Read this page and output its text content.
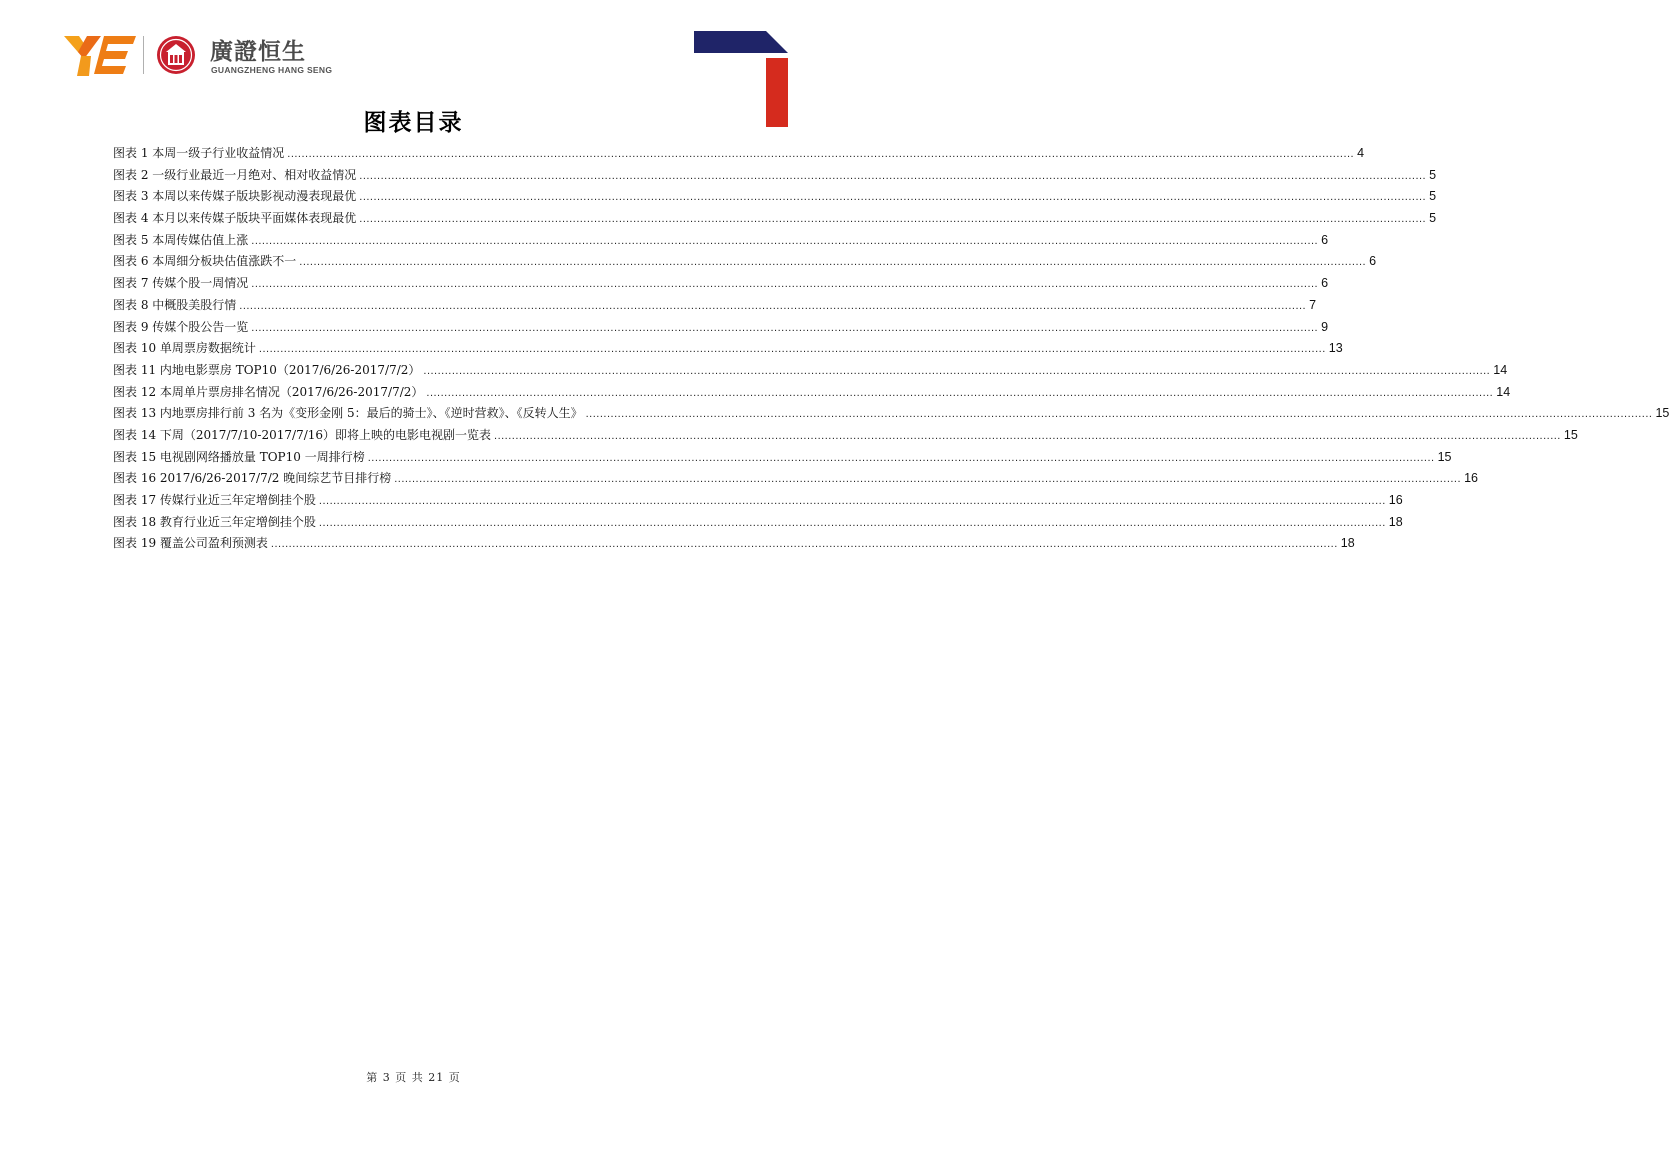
廣證恒生
GUANGZHENG HANG SENG
图表目录
图表 1 本周一级子行业收益情况 ............................................................................................................................................................................................................................................................................................................ 4
图表 2 一级行业最近一月绝对、相对收益情况 ............................................................................................................................................................................................................................................................................................................ 5
图表 3 本周以来传媒子版块影视动漫表现最优 ............................................................................................................................................................................................................................................................................................................ 5
图表 4 本月以来传媒子版块平面媒体表现最优 ............................................................................................................................................................................................................................................................................................................ 5
图表 5 本周传媒估值上涨 ............................................................................................................................................................................................................................................................................................................ 6
图表 6 本周细分板块估值涨跌不一 ............................................................................................................................................................................................................................................................................................................ 6
图表 7 传媒个股一周情况 ............................................................................................................................................................................................................................................................................................................ 6
图表 8 中概股美股行情 ............................................................................................................................................................................................................................................................................................................ 7
图表 9 传媒个股公告一览 ............................................................................................................................................................................................................................................................................................................ 9
图表 10 单周票房数据统计 ............................................................................................................................................................................................................................................................................................................ 13
图表 11 内地电影票房 TOP10（2017/6/26-2017/7/2） ............................................................................................................................................................................................................................................................................................................ 14
图表 12 本周单片票房排名情况（2017/6/26-2017/7/2） ............................................................................................................................................................................................................................................................................................................ 14
图表 13 内地票房排行前 3 名为《变形金刚 5：最后的骑士》、《逆时营救》、《反转人生》 ............................................................................................................................................................................................................................................................................................................ 15
图表 14 下周（2017/7/10-2017/7/16）即将上映的电影电视剧一览表 ............................................................................................................................................................................................................................................................................................................ 15
图表 15 电视剧网络播放量 TOP10 一周排行榜 ............................................................................................................................................................................................................................................................................................................ 15
图表 16 2017/6/26-2017/7/2 晚间综艺节目排行榜 ............................................................................................................................................................................................................................................................................................................ 16
图表 17 传媒行业近三年定增倒挂个股 ............................................................................................................................................................................................................................................................................................................ 16
图表 18 教育行业近三年定增倒挂个股 ............................................................................................................................................................................................................................................................................................................ 18
图表 19 覆盖公司盈利预测表 ............................................................................................................................................................................................................................................................................................................ 18
第 3 页 共 21 页
